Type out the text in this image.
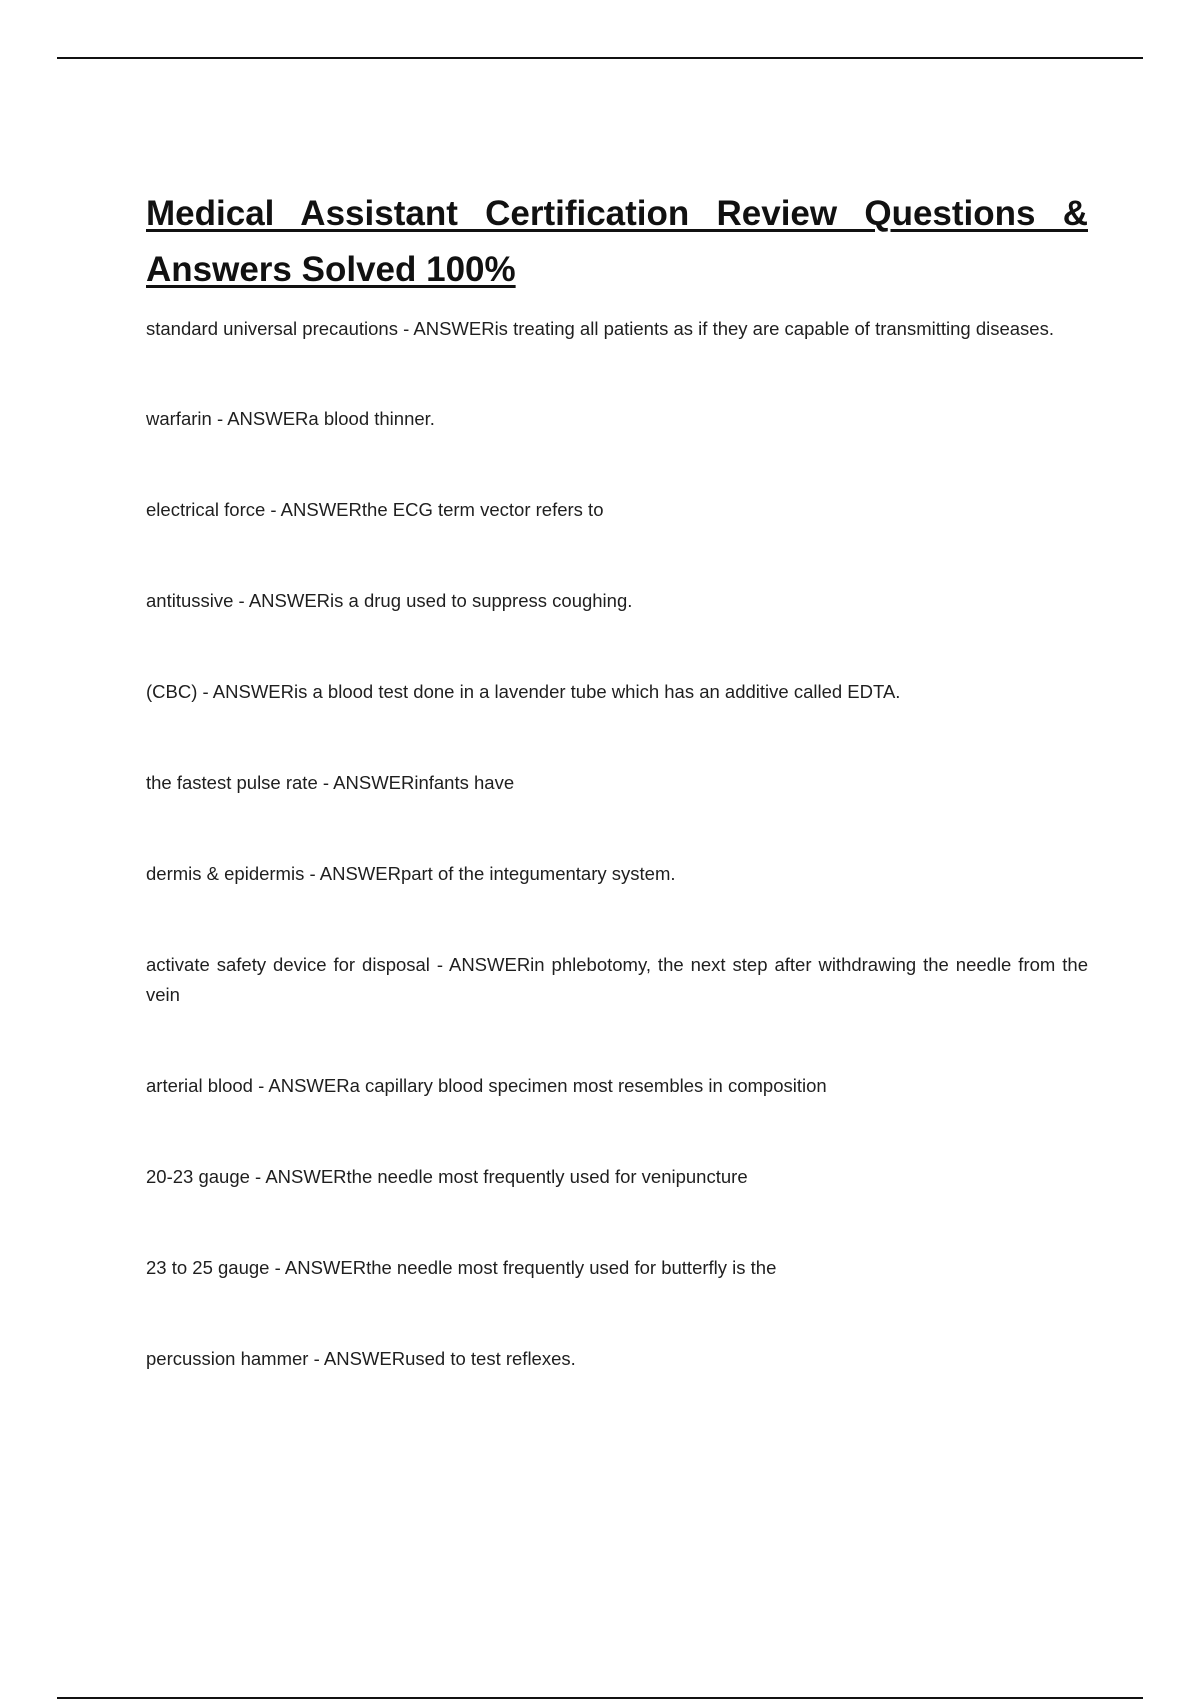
Medical Assistant Certification Review Questions & Answers Solved 100%
standard universal precautions - ANSWERis treating all patients as if they are capable of transmitting diseases.
warfarin - ANSWERa blood thinner.
electrical force - ANSWERthe ECG term vector refers to
antitussive - ANSWERis a drug used to suppress coughing.
(CBC) - ANSWERis a blood test done in a lavender tube which has an additive called EDTA.
the fastest pulse rate - ANSWERinfants have
dermis & epidermis - ANSWERpart of the integumentary system.
activate safety device for disposal - ANSWERin phlebotomy, the next step after withdrawing the needle from the vein
arterial blood - ANSWERa capillary blood specimen most resembles in composition
20-23 gauge - ANSWERthe needle most frequently used for venipuncture
23 to 25 gauge - ANSWERthe needle most frequently used for butterfly is the
percussion hammer - ANSWERused to test reflexes.
